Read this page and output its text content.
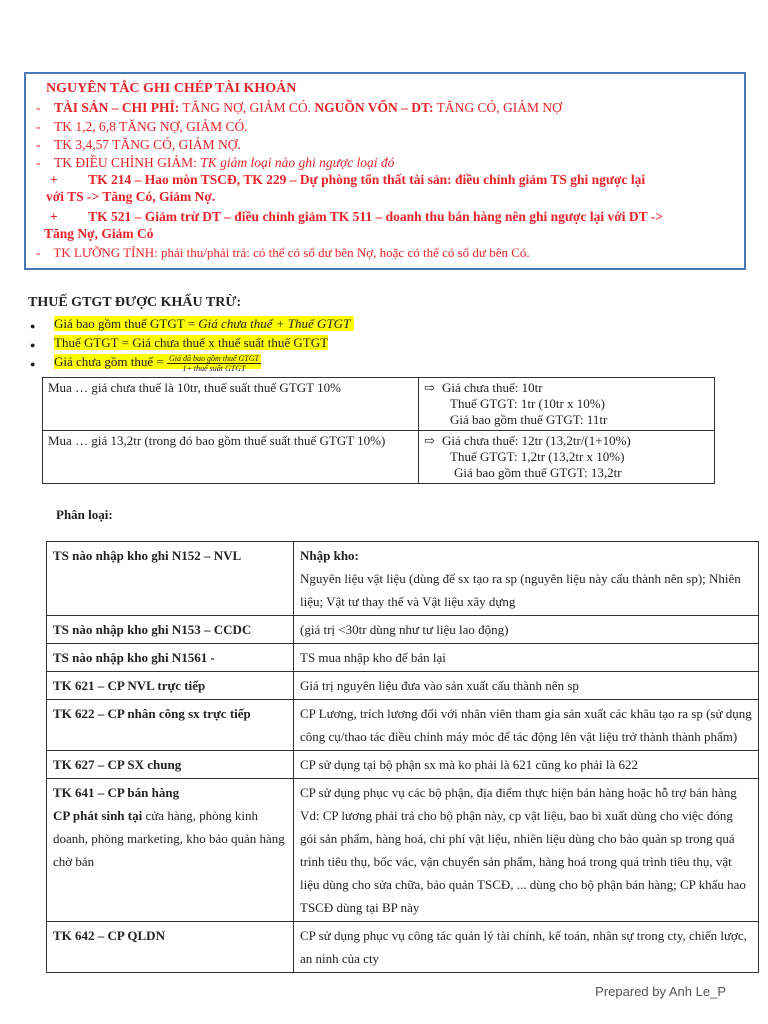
NGUYÊN TẮC GHI CHÉP TÀI KHOẢN
- TÀI SẢN – CHI PHÍ: TĂNG NỢ, GIẢM CÓ. NGUỒN VỐN – DT: TĂNG CÓ, GIẢM NỢ
- TK 1,2, 6,8 TĂNG NỢ, GIẢM CÓ.
- TK 3,4,57 TĂNG CÓ, GIẢM NỢ.
- TK ĐIỀU CHỈNH GIẢM: TK giảm loại nào ghi ngược loại đó
+ TK 214 – Hao mòn TSCĐ, TK 229 – Dự phòng tổn thất tài sản: điều chỉnh giảm TS ghi ngược lại
với TS -> Tăng Có, Giảm Nợ.
+ TK 521 – Giảm trừ DT – điều chỉnh giảm TK 511 – doanh thu bán hàng nên ghi ngược lại với DT ->
Tăng Nợ, Giảm Có
- TK LƯỠNG TÍNH: phải thu/phải trả: có thể có số dư bên Nợ, hoặc có thể có số dư bên Có.
THUẾ GTGT ĐƯỢC KHẤU TRỪ:
● Giá bao gồm thuế GTGT = Giá chưa thuế + Thuế GTGT
● Thuế GTGT = Giá chưa thuế x thuế suất thuế GTGT
● Giá chưa gồm thuế = $\frac{\text{Giá đã bao gồm thuế GTGT}}{\text{1+ thuế suất GTGT}}$
Mua … giá chưa thuế là 10tr, thuế suất thuế GTGT 10%	⇨ Giá chưa thuế: 10tr
Thuế GTGT: 1tr (10tr x 10%)
Giá bao gồm thuế GTGT: 11tr

Mua … giá 13,2tr (trong đó bao gồm thuế suất thuế GTGT 10%)	⇨ Giá chưa thuế: 12tr (13,2tr/(1+10%)
Thuế GTGT: 1,2tr (13,2tr x 10%)
Giá bao gồm thuế GTGT: 13,2tr
Phân loại:
TS nào nhập kho ghi N152 – NVL	Nhập kho:
Nguyên liệu vật liệu (dùng để sx tạo ra sp (nguyên liệu này cấu thành nên sp); Nhiên liệu; Vật tư thay thế và Vật liệu xây dựng

TS nào nhập kho ghi N153 – CCDC	(giá trị <30tr dùng như tư liệu lao động)
TS nào nhập kho ghi N1561 -	TS mua nhập kho để bán lại
TK 621 – CP NVL trực tiếp	Giá trị nguyên liệu đưa vào sản xuất cấu thành nên sp
TK 622 – CP nhân công sx trực tiếp	CP Lương, trích lương đối với nhân viên tham gia sản xuất các khâu tạo ra sp (sử dụng công cụ/thao tác điều chỉnh máy móc để tác động lên vật liệu trở thành thành phẩm)
TK 627 – CP SX chung	CP sử dụng tại bộ phận sx mà ko phải là 621 cũng ko phải là 622

TK 641 – CP bán hàng
CP phát sinh tại cửa hàng, phòng kinh doanh, phòng marketing, kho bảo quản hàng chờ bán	CP sử dụng phục vụ các bộ phận, địa điểm thực hiện bán hàng hoặc hỗ trợ bán hàng Vd: CP lương phải trả cho bộ phận này, cp vật liệu, bao bì xuất dùng cho việc đóng gói sản phẩm, hàng hoá, chi phí vật liệu, nhiên liệu dùng cho bảo quản sp trong quá trình tiêu thụ, bốc vác, vận chuyển sản phẩm, hàng hoá trong quá trình tiêu thụ, vật liệu dùng cho sửa chữa, bảo quản TSCĐ, ... dùng cho bộ phận bán hàng; CP khấu hao TSCĐ dùng tại BP này
TK 642 – CP QLDN	CP sử dụng phục vụ công tác quản lý tài chính, kế toán, nhân sự trong cty, chiến lược, an ninh của cty
Prepared by Anh Le_P
